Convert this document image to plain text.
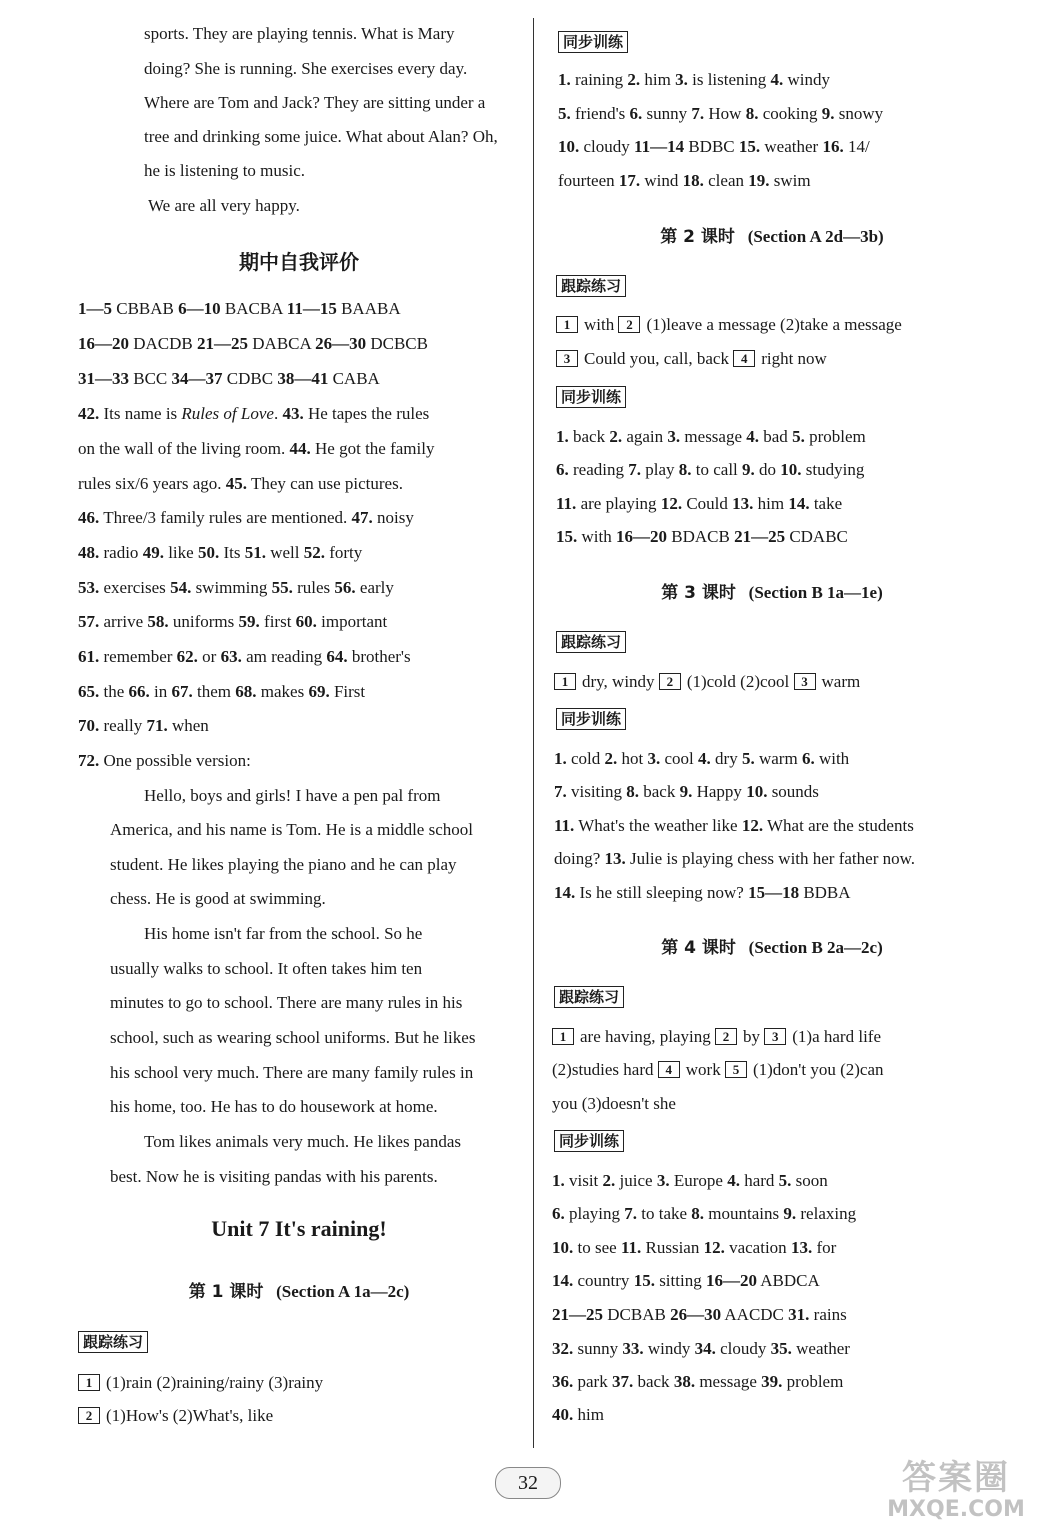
sports. They are playing tennis. What is Mary
doing? She is running. She exercises every day.
Where are Tom and Jack? They are sitting under a
tree and drinking some juice. What about Alan? Oh,
he is listening to music.
We are all very happy.
期中自我评价
1—5 CBBAB 6—10 BACBA 11—15 BAABA
16—20 DACDB 21—25 DABCA 26—30 DCBCB
31—33 BCC 34—37 CDBC 38—41 CABA
42. Its name is Rules of Love. 43. He tapes the rules
on the wall of the living room. 44. He got the family
rules six/6 years ago. 45. They can use pictures.
46. Three/3 family rules are mentioned. 47. noisy
48. radio 49. like 50. Its 51. well 52. forty
53. exercises 54. swimming 55. rules 56. early
57. arrive 58. uniforms 59. first 60. important
61. remember 62. or 63. am reading 64. brother's
65. the 66. in 67. them 68. makes 69. First
70. really 71. when
72. One possible version:
Hello, boys and girls! I have a pen pal from
America, and his name is Tom. He is a middle school
student. He likes playing the piano and he can play
chess. He is good at swimming.
His home isn't far from the school. So he
usually walks to school. It often takes him ten
minutes to go to school. There are many rules in his
school, such as wearing school uniforms. But he likes
his school very much. There are many family rules in
his home, too. He has to do housework at home.
Tom likes animals very much. He likes pandas
best. Now he is visiting pandas with his parents.
Unit 7 It's raining!
第 1 课时 (Section A 1a—2c)
跟踪练习
1 (1)rain (2)raining/rainy (3)rainy
2 (1)How's (2)What's, like
同步训练
1. raining 2. him 3. is listening 4. windy
5. friend's 6. sunny 7. How 8. cooking 9. snowy
10. cloudy 11—14 BDBC 15. weather 16. 14/
fourteen 17. wind 18. clean 19. swim
第 2 课时 (Section A 2d—3b)
跟踪练习
1 with 2 (1)leave a message (2)take a message
3 Could you, call, back 4 right now
同步训练
1. back 2. again 3. message 4. bad 5. problem
6. reading 7. play 8. to call 9. do 10. studying
11. are playing 12. Could 13. him 14. take
15. with 16—20 BDACB 21—25 CDABC
第 3 课时 (Section B 1a—1e)
跟踪练习
1 dry, windy 2 (1)cold (2)cool 3 warm
同步训练
1. cold 2. hot 3. cool 4. dry 5. warm 6. with
7. visiting 8. back 9. Happy 10. sounds
11. What's the weather like 12. What are the students
doing? 13. Julie is playing chess with her father now.
14. Is he still sleeping now? 15—18 BDBA
第 4 课时 (Section B 2a—2c)
跟踪练习
1 are having, playing 2 by 3 (1)a hard life
(2)studies hard 4 work 5 (1)don't you (2)can
you (3)doesn't she
同步训练
1. visit 2. juice 3. Europe 4. hard 5. soon
6. playing 7. to take 8. mountains 9. relaxing
10. to see 11. Russian 12. vacation 13. for
14. country 15. sitting 16—20 ABDCA
21—25 DCBAB 26—30 AACDC 31. rains
32. sunny 33. windy 34. cloudy 35. weather
36. park 37. back 38. message 39. problem
40. him
32	答案圈
MXQE.COM
